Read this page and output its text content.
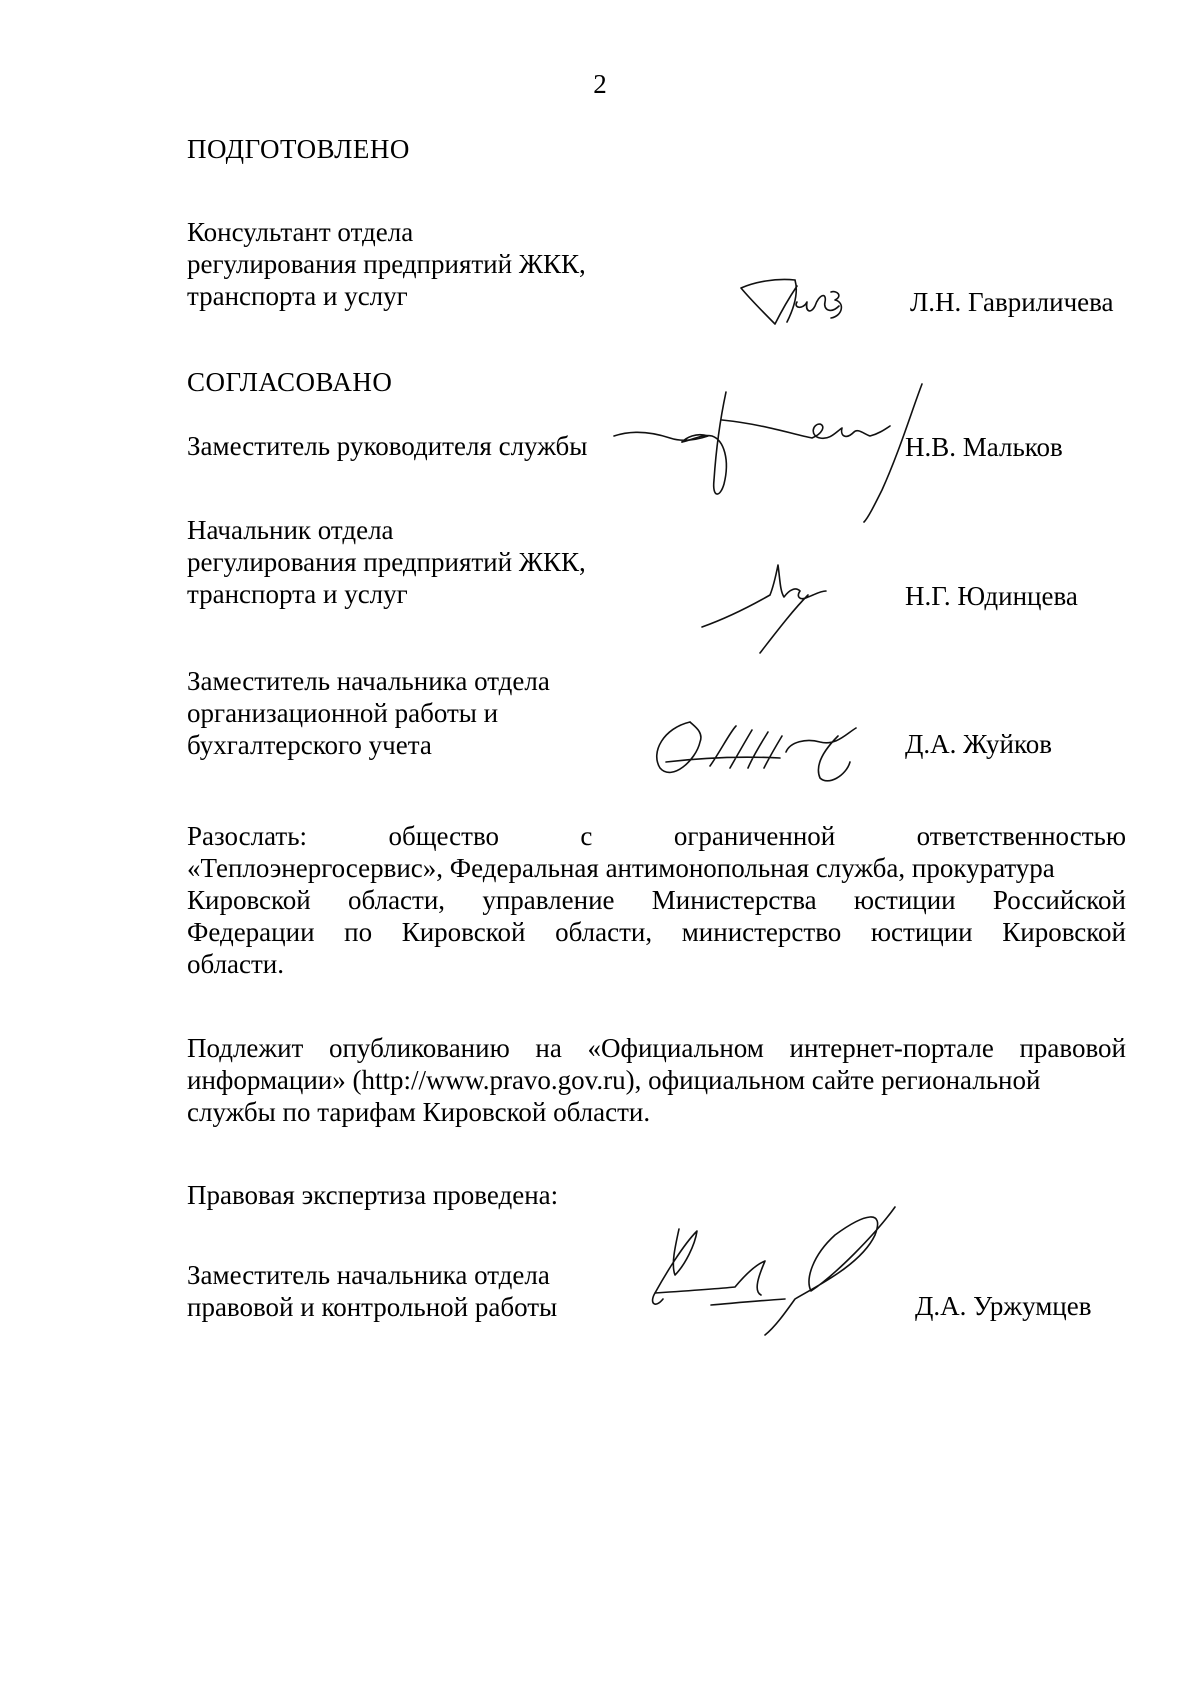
2
ПОДГОТОВЛЕНО
Консультант отдела
регулирования предприятий ЖКК,
транспорта и услуг	Л.Н. Гавриличева
СОГЛАСОВАНО
Заместитель руководителя службы	Н.В. Мальков
Начальник отдела
регулирования предприятий ЖКК,
транспорта и услуг	Н.Г. Юдинцева
Заместитель начальника отдела
организационной работы и
бухгалтерского учета	Д.А. Жуйков
Разослать: общество с ограниченной ответственностью
«Теплоэнергосервис», Федеральная антимонопольная служба, прокуратура
Кировской области, управление Министерства юстиции Российской
Федерации по Кировской области, министерство юстиции Кировской
области.
Подлежит опубликованию на «Официальном интернет-портале правовой
информации» (http://www.pravo.gov.ru), официальном сайте региональной
службы по тарифам Кировской области.
Правовая экспертиза проведена:
Заместитель начальника отдела
правовой и контрольной работы	Д.А. Уржумцев
